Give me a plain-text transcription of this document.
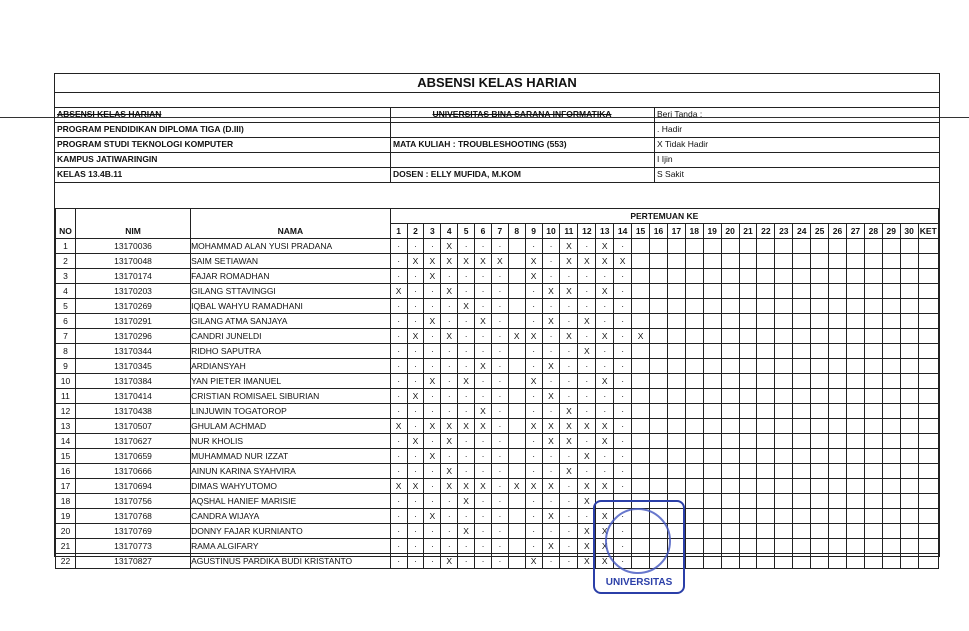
ABSENSI KELAS HARIAN
ABSENSI KELAS HARIAN
PROGRAM PENDIDIKAN DIPLOMA TIGA (D.III)
PROGRAM STUDI TEKNOLOGI KOMPUTER
KAMPUS JATIWARINGIN
KELAS 13.4B.11
UNIVERSITAS BINA SARANA INFORMATIKA
MATA KULIAH : TROUBLESHOOTING (553)
DOSEN : ELLY MUFIDA, M.KOM
Beri Tanda :
. Hadir
X Tidak Hadir
I Ijin
S Sakit
NO	NIM	NAMA	PERTEMUAN KE																														
			1	2	3	4	5	6	7	8	9	10	11	12	13	14	15	16	17	18	19	20	21	22	23	24	25	26	27	28	29	30	KET
1	13170036	MOHAMMAD ALAN YUSI PRADANA	·	·	·	X	·	·	·		·	·	X	·	X	·																	
2	13170048	SAIM SETIAWAN	·	X	X	X	X	X	X		X	·	X	X	X	X																	
3	13170174	FAJAR ROMADHAN	·	·	X	·	·	·	·		X	·	·	·	·	·																	
4	13170203	GILANG STTAVINGGI	X	·	·	X	·	·	·		·	X	X	·	X	·																	
5	13170269	IQBAL WAHYU RAMADHANI	·	·	·	·	X	·	·		·	·	·	·	·	·																	
6	13170291	GILANG ATMA SANJAYA	·	·	X	·	·	X	·		·	X	·	X	·	·																	
7	13170296	CANDRI JUNELDI	·	X	·	X	·	·	·	X	X	·	X	·	X	·	X																
8	13170344	RIDHO SAPUTRA	·	·	·	·	·	·	·		·	·	·	X	·	·																	
9	13170345	ARDIANSYAH	·	·	·	·	·	X	·		·	X	·	·	·	·																	
10	13170384	YAN PIETER IMANUEL	·	·	X	·	X	·	·		X	·	·	·	X	·																	
11	13170414	CRISTIAN ROMISAEL SIBURIAN	·	X	·	·	·	·	·		·	X	·	·	·	·																	
12	13170438	LINJUWIN TOGATOROP	·	·	·	·	·	X	·		·	·	X	·	·	·																	
13	13170507	GHULAM ACHMAD	X	·	X	X	X	X	·		X	X	X	X	X	·																	
14	13170627	NUR KHOLIS	·	X	·	X	·	·	·		·	X	X	·	X	·																	
15	13170659	MUHAMMAD NUR IZZAT	·	·	X	·	·	·	·		·	·	·	X	·	·																	
16	13170666	AINUN KARINA SYAHVIRA	·	·	·	X	·	·	·		·	·	X	·	·	·																	
17	13170694	DIMAS WAHYUTOMO	X	X	·	X	X	X	·	X	X	X	·	X	X	·																	
18	13170756	AQSHAL HANIEF MARISIE	·	·	·	·	X	·	·		·	·	·	X	·	·																	
19	13170768	CANDRA WIJAYA	·	·	X	·	·	·	·		·	X	·	·	X	·																	
20	13170769	DONNY FAJAR KURNIANTO	·	·	·	·	X	·	·		·	·	·	X	X	·																	
21	13170773	RAMA ALGIFARY	·	·	·	·	·	·	·		·	X	·	X	X	·																	
22	13170827	AGUSTINUS PARDIKA BUDI KRISTANTO	·	·	·	X	·	·	·		X	·	·	X	X	·																	
UNIVERSITAS
